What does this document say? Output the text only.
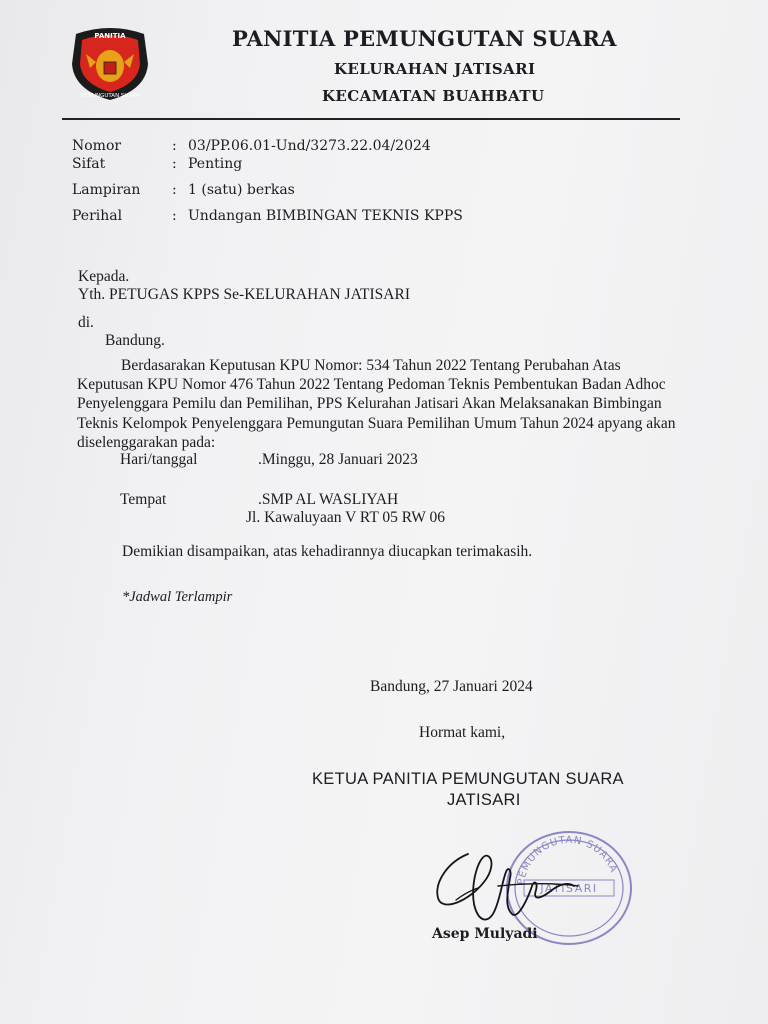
PANITIA
PEMUNGUTAN SUARA
PANITIA PEMUNGUTAN SUARA
KELURAHAN JATISARI
KECAMATAN BUAHBATU
Nomor	: 03/PP.06.01-Und/3273.22.04/2024
Sifat	: Penting
Lampiran : 1 (satu) berkas
Perihal	: Undangan BIMBINGAN TEKNIS KPPS
Kepada.
Yth. PETUGAS KPPS Se-KELURAHAN JATISARI
di.
Bandung.
Berdasarakan Keputusan KPU Nomor: 534 Tahun 2022 Tentang Perubahan Atas Keputusan KPU Nomor 476 Tahun 2022 Tentang Pedoman Teknis Pembentukan Badan Adhoc Penyelenggara Pemilu dan Pemilihan, PPS Kelurahan Jatisari Akan Melaksanakan Bimbingan Teknis Kelompok Penyelenggara Pemungutan Suara Pemilihan Umum Tahun 2024 apyang akan diselenggarakan pada:
Hari/tanggal	.Minggu, 28 Januari 2023
Tempat	.SMP AL WASLIYAH
Jl. Kawaluyaan V RT 05 RW 06
Demikian disampaikan, atas kehadirannya diucapkan terimakasih.
*Jadwal Terlampir
Bandung, 27 Januari 2024
Hormat kami,
KETUA PANITIA PEMUNGUTAN SUARA
JATISARI
PEMUNGUTAN SUARA
JATISARI
Asep Mulyadi
